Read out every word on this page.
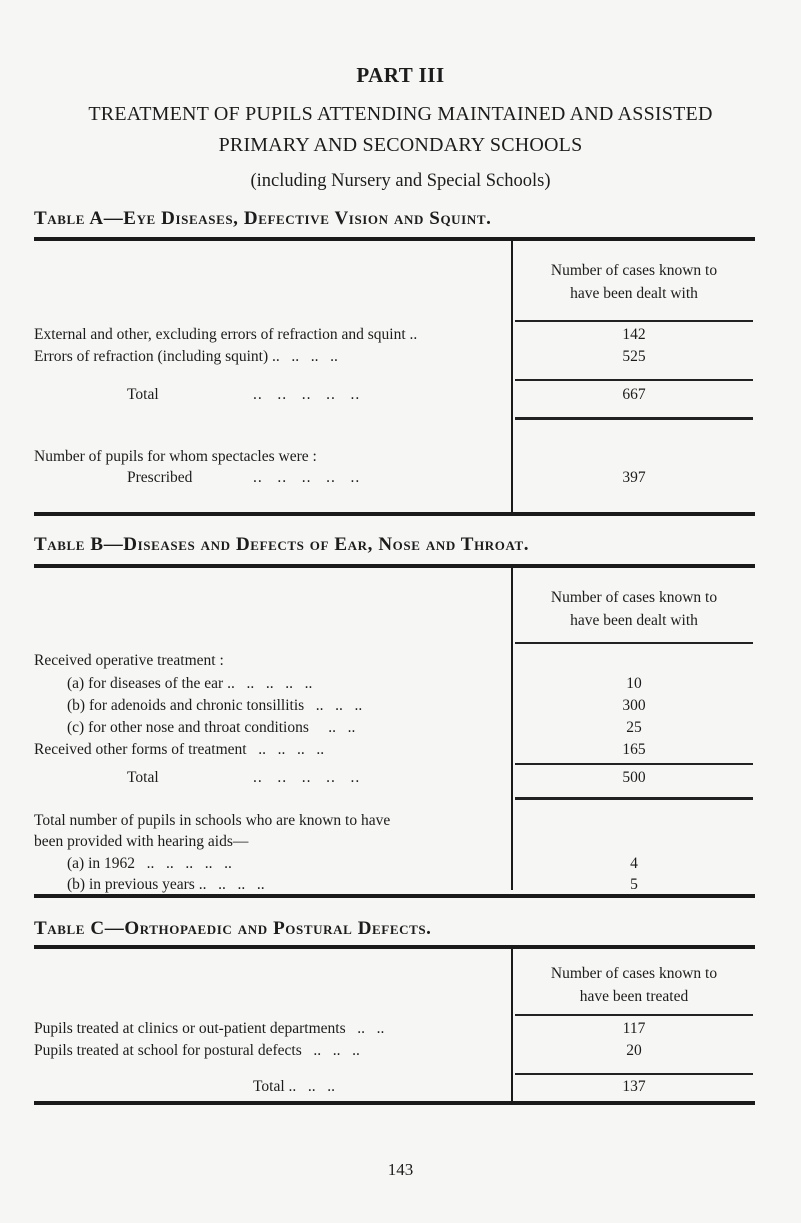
PART III
TREATMENT OF PUPILS ATTENDING MAINTAINED AND ASSISTED
PRIMARY AND SECONDARY SCHOOLS
(including Nursery and Special Schools)
Table A—Eye Diseases, Defective Vision and Squint.
Number of cases known to
have been dealt with
External and other, excluding errors of refraction and squint ..	142
Errors of refraction (including squint) ..   ..   ..   ..	525
Total	..   ..   ..   ..   ..	667
Number of pupils for whom spectacles were :
Prescribed	..   ..   ..   ..   ..	397
Table B—Diseases and Defects of Ear, Nose and Throat.
Number of cases known to
have been dealt with
Received operative treatment :
(a) for diseases of the ear ..   ..   ..   ..   ..	10
(b) for adenoids and chronic tonsillitis   ..   ..   ..	300
(c) for other nose and throat conditions     ..   ..	25
Received other forms of treatment   ..   ..   ..   ..	165
Total	..   ..   ..   ..   ..	500
Total number of pupils in schools who are known to have
been provided with hearing aids—
(a) in 1962   ..   ..   ..   ..   ..	4
(b) in previous years ..   ..   ..   ..	5
Table C—Orthopaedic and Postural Defects.
Number of cases known to
have been treated
Pupils treated at clinics or out-patient departments   ..   ..	117
Pupils treated at school for postural defects   ..   ..   ..	20
Total ..   ..   ..	137
143
